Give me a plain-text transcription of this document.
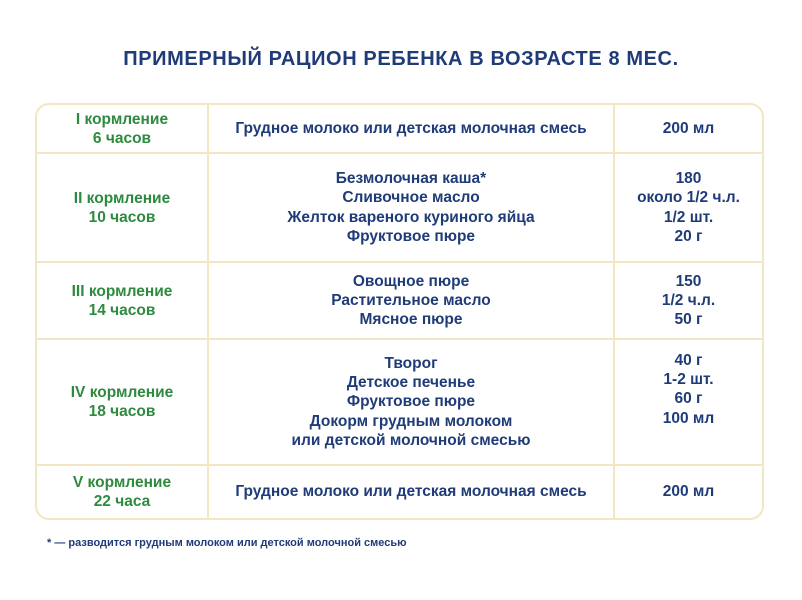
ПРИМЕРНЫЙ РАЦИОН РЕБЕНКА В ВОЗРАСТЕ 8 МЕС.
I кормление
6 часов
Грудное молоко или детская молочная смесь	200 мл
II кормление
10 часов
Безмолочная каша*
Сливочное масло
Желток вареного куриного яйца
Фруктовое пюре
180
около 1/2 ч.л.
1/2 шт.
20 г
III кормление
14 часов
Овощное пюре
Растительное масло
Мясное пюре
150
1/2 ч.л.
50 г
IV кормление
18 часов
Творог
Детское печенье
Фруктовое пюре
Докорм грудным молоком
или детской молочной смесью
40 г
1-2 шт.
60 г
100 мл
V кормление
22 часа
Грудное молоко или детская молочная смесь	200 мл
* — разводится грудным молоком или детской молочной смесью
